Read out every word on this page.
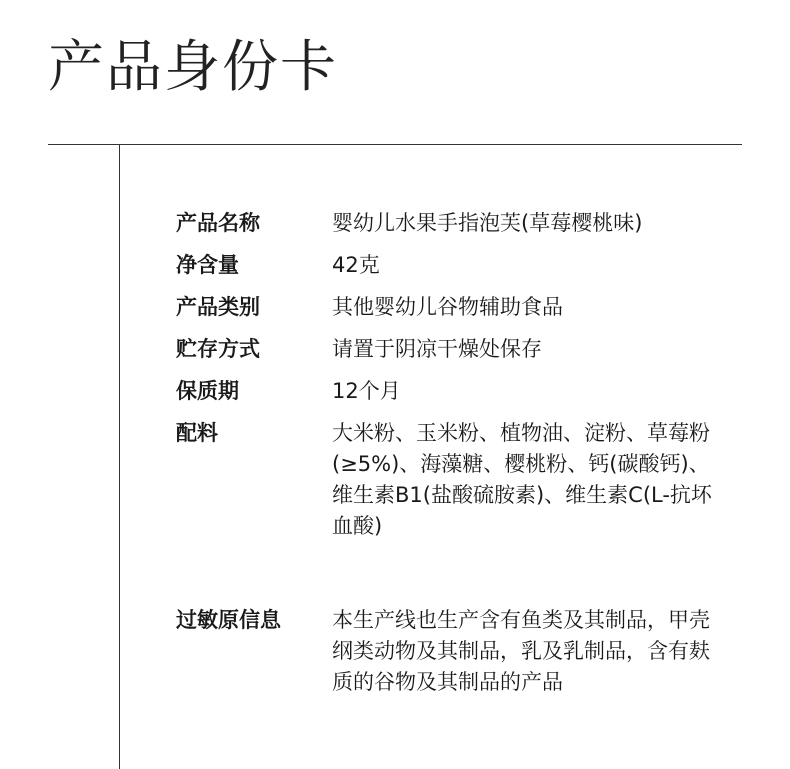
产品身份卡
产品名称	婴幼儿水果手指泡芙(草莓樱桃味)
净含量	42克
产品类别	其他婴幼儿谷物辅助食品
贮存方式	请置于阴凉干燥处保存
保质期	12个月
配料	大米粉、玉米粉、植物油、淀粉、草莓粉(≥5%)、海藻糖、樱桃粉、钙(碳酸钙)、维生素B1(盐酸硫胺素)、维生素C(L-抗坏血酸)
过敏原信息	本生产线也生产含有鱼类及其制品，甲壳纲类动物及其制品，乳及乳制品，含有麸质的谷物及其制品的产品
